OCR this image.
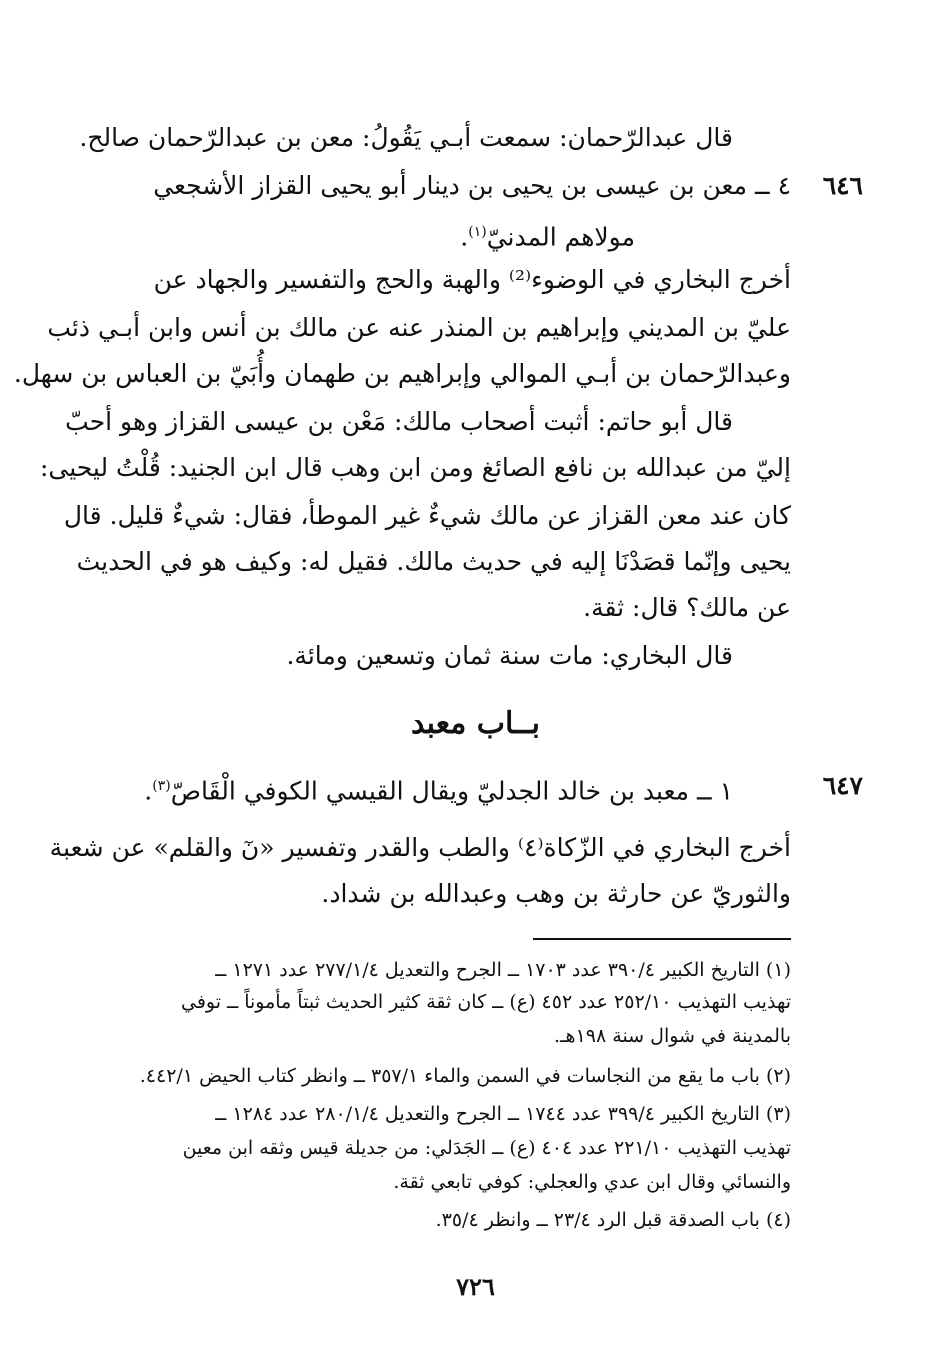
قال عبدالرّحمان: سمعت أبـي يَقُولُ: معن بن عبدالرّحمان صالح.
٦٤٦
٤ ــ معن بن عيسى بن يحيى بن دينار أبو يحيى القزاز الأشجعي
مولاهم المدنيّ$^{(١)}$.
أخرج البخاري في الوضوء⁽²⁾ والهبة والحج والتفسير والجهاد عن
عليّ بن المديني وإبراهيم بن المنذر عنه عن مالك بن أنس وابن أبـي ذئب
وعبدالرّحمان بن أبـي الموالي وإبراهيم بن طهمان وأُبَيّ بن العباس بن سهل.
قال أبو حاتم: أثبت أصحاب مالك: مَعْن بن عيسى القزاز وهو أحبّ
إليّ من عبدالله بن نافع الصائغ ومن ابن وهب قال ابن الجنيد: قُلْتُ ليحيى:
كان عند معن القزاز عن مالك شيءٌ غير الموطأ، فقال: شيءٌ قليل. قال
يحيى وإنّما قصَدْنَا إليه في حديث مالك. فقيل له: وكيف هو في الحديث
عن مالك؟ قال: ثقة.
قال البخاري: مات سنة ثمان وتسعين ومائة.
بــاب معبد
٦٤٧
١ ــ معبد بن خالد الجدليّ ويقال القيسي الكوفي الْقَاصّ$^{(٣)}$.
أخرج البخاري في الزّكاة⁽٤⁾ والطب والقدر وتفسير «نٓ والقلم» عن شعبة
والثوريّ عن حارثة بن وهب وعبدالله بن شداد.
(١) التاريخ الكبير ٣٩٠/٤ عدد ١٧٠٣ ــ الجرح والتعديل ٢٧٧/١/٤ عدد ١٢٧١ ــ
تهذيب التهذيب ٢٥٢/١٠ عدد ٤٥٢ (ع) ــ كان ثقة كثير الحديث ثبتاً مأموناً ــ توفي
بالمدينة في شوال سنة ١٩٨هـ.
(٢) باب ما يقع من النجاسات في السمن والماء ٣٥٧/١ ــ وانظر كتاب الحيض ٤٤٢/١.
(٣) التاريخ الكبير ٣٩٩/٤ عدد ١٧٤٤ ــ الجرح والتعديل ٢٨٠/١/٤ عدد ١٢٨٤ ــ
تهذيب التهذيب ٢٢١/١٠ عدد ٤٠٤ (ع) ــ الجَدَلي: من جديلة قيس وثقه ابن معين
والنسائي وقال ابن عدي والعجلي: كوفي تابعي ثقة.
(٤) باب الصدقة قبل الرد ٢٣/٤ ــ وانظر ٣٥/٤.
٧٢٦
